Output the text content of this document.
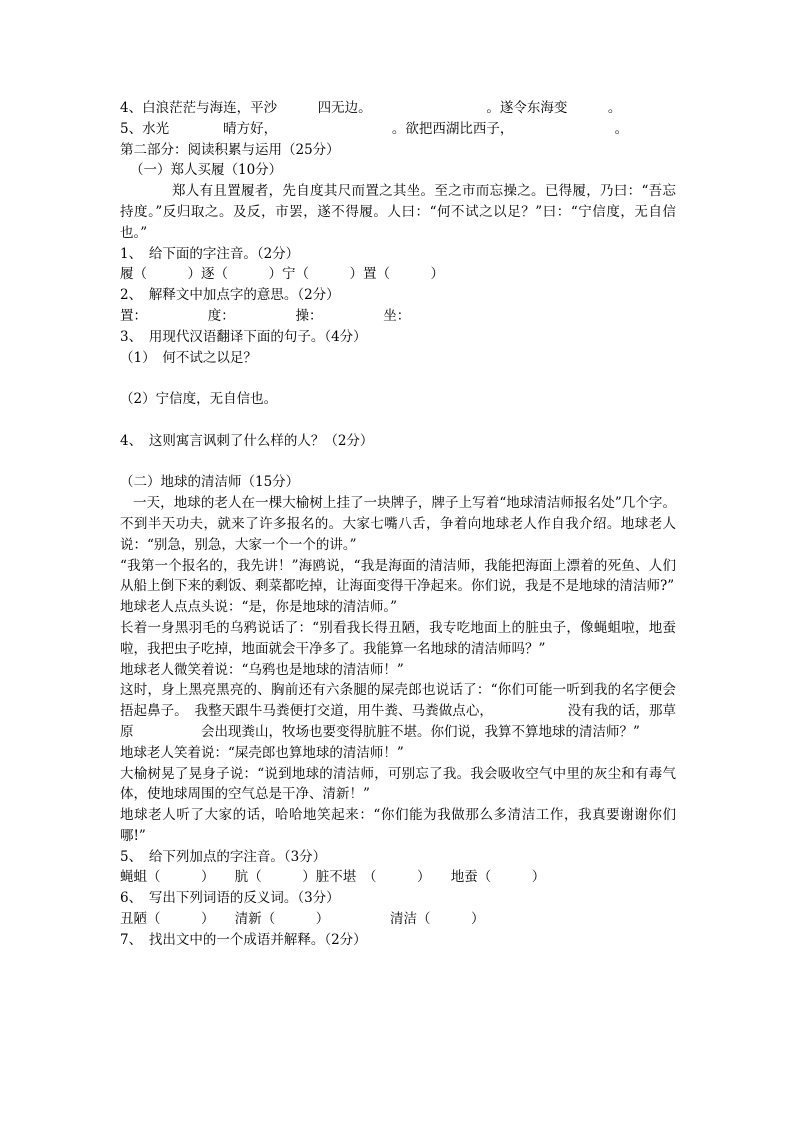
4、白浪茫茫与海连，平沙　　　四无边。　　　　　　　　　。遂令东海变　　　。
5、水光　　　　晴方好，　　　　　　　　　。欲把西湖比西子，　　　　　　　　。
第二部分：阅读积累与运用（25分）
（一）郑人买履（10分）
郑人有且置履者，先自度其尺而置之其坐。至之市而忘操之。已得履，乃曰：“吾忘持度。”反归取之。及反，市罢，遂不得履。人曰：“何不试之以足？”曰：“宁信度，无自信也。”
1、　给下面的字注音。（2分）
履（　　　）逐（　　　）宁（　　　）置（　　　）
2、　解释文中加点字的意思。（2分）
置：　　　　　度：　　　　　操：　　　　　坐：
3、　用现代汉语翻译下面的句子。（4分）
（1）　何不试之以足？
（2）宁信度，无自信也。
4、　这则寓言讽刺了什么样的人？（2分）
（二）地球的清洁师（15分）
一天，地球的老人在一棵大榆树上挂了一块牌子，牌子上写着“地球清洁师报名处”几个字。不到半天功夫，就来了许多报名的。大家七嘴八舌，争着向地球老人作自我介绍。地球老人说：“别急，别急，大家一个一个的讲。”
“我第一个报名的，我先讲！”海鸥说，“我是海面的清洁师，我能把海面上漂着的死鱼、人们从船上倒下来的剩饭、剩菜都吃掉，让海面变得干净起来。你们说，我是不是地球的清洁师?”
地球老人点点头说：“是，你是地球的清洁师。”
长着一身黑羽毛的乌鸦说话了：“别看我长得丑陋，我专吃地面上的脏虫子，像蝇蛆啦，地蚕啦，我把虫子吃掉，地面就会干净多了。我能算一名地球的清洁师吗？”
地球老人微笑着说：“乌鸦也是地球的清洁师！”
这时，身上黑亮黑亮的、胸前还有六条腿的屎壳郎也说话了：“你们可能一听到我的名字便会捂起鼻子。　我整天跟牛马粪便打交道，用牛粪、马粪做点心，　　　　　　没有我的话，那草原　　　　　会出现粪山，牧场也要变得肮脏不堪。你们说，我算不算地球的清洁师？”
地球老人笑着说：“屎壳郎也算地球的清洁师！”
大榆树晃了晃身子说：“说到地球的清洁师，可别忘了我。我会吸收空气中里的灰尘和有毒气体，使地球周围的空气总是干净、清新！”
地球老人听了大家的话，哈哈地笑起来：“你们能为我做那么多清洁工作，我真要谢谢你们哪!”
5、　给下列加点的字注音。（3分）
蝇蛆（　　　）　　肮（　　　）脏不堪　（　　　）　　地蚕（　　　）
6、　写出下列词语的反义词。（3分）
丑陋（　　　）　　清新（　　　）　　　　　清洁（　　　）
7、　找出文中的一个成语并解释。（2分）
